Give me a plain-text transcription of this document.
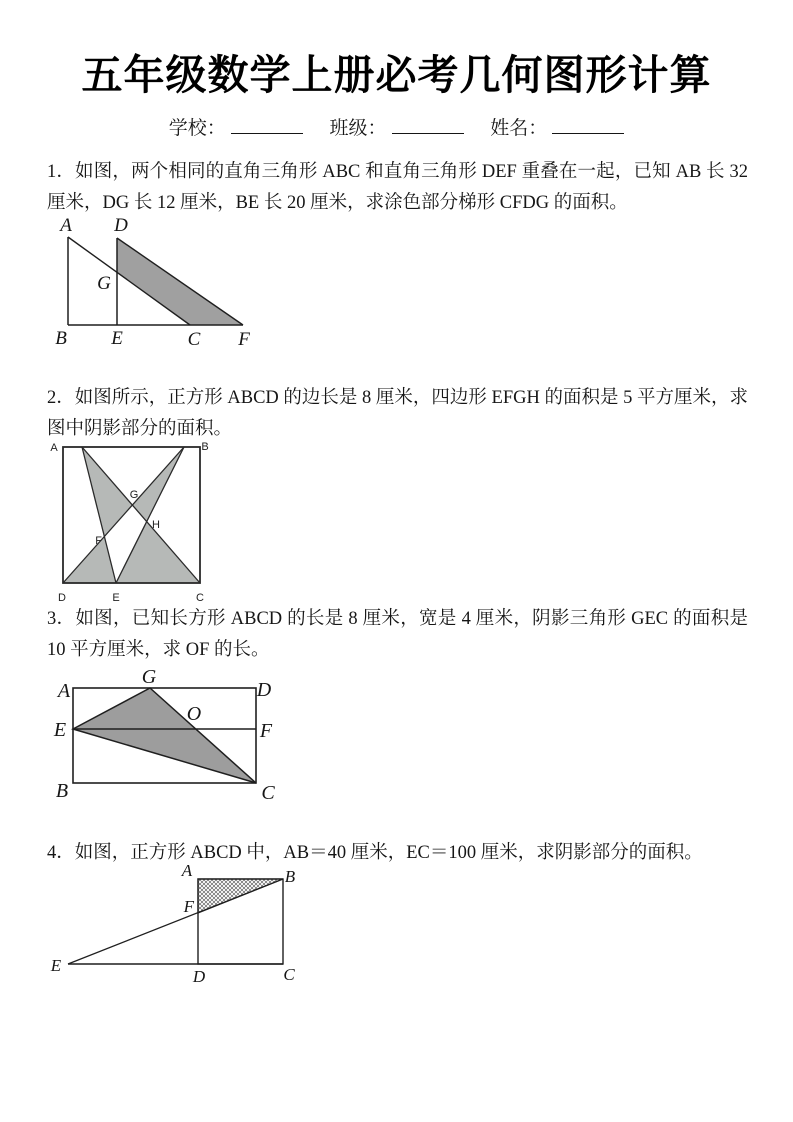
五年级数学上册必考几何图形计算
学校：	班级：	姓名：

1．如图，两个相同的直角三角形 ABC 和直角三角形 DEF 重叠在一起，已知 AB 长 32 厘米，DG 长 12 厘米，BE 长 20 厘米，求涂色部分梯形 CFDG 的面积。

A D
G
B E	C F

2．如图所示，正方形 ABCD 的边长是 8 厘米，四边形 EFGH 的面积是 5 平方厘米，求图中阴影部分的面积。

A	B
D	E	C
G
H
F

3．如图，已知长方形 ABCD 的长是 8 厘米，宽是 4 厘米，阴影三角形 GEC 的面积是 10 平方厘米，求 OF 的长。

A	D
G
E	F
B	C
O

4．如图，正方形 ABCD 中，AB＝40 厘米，EC＝100 厘米，求阴影部分的面积。

A	B
F
E
D	C
